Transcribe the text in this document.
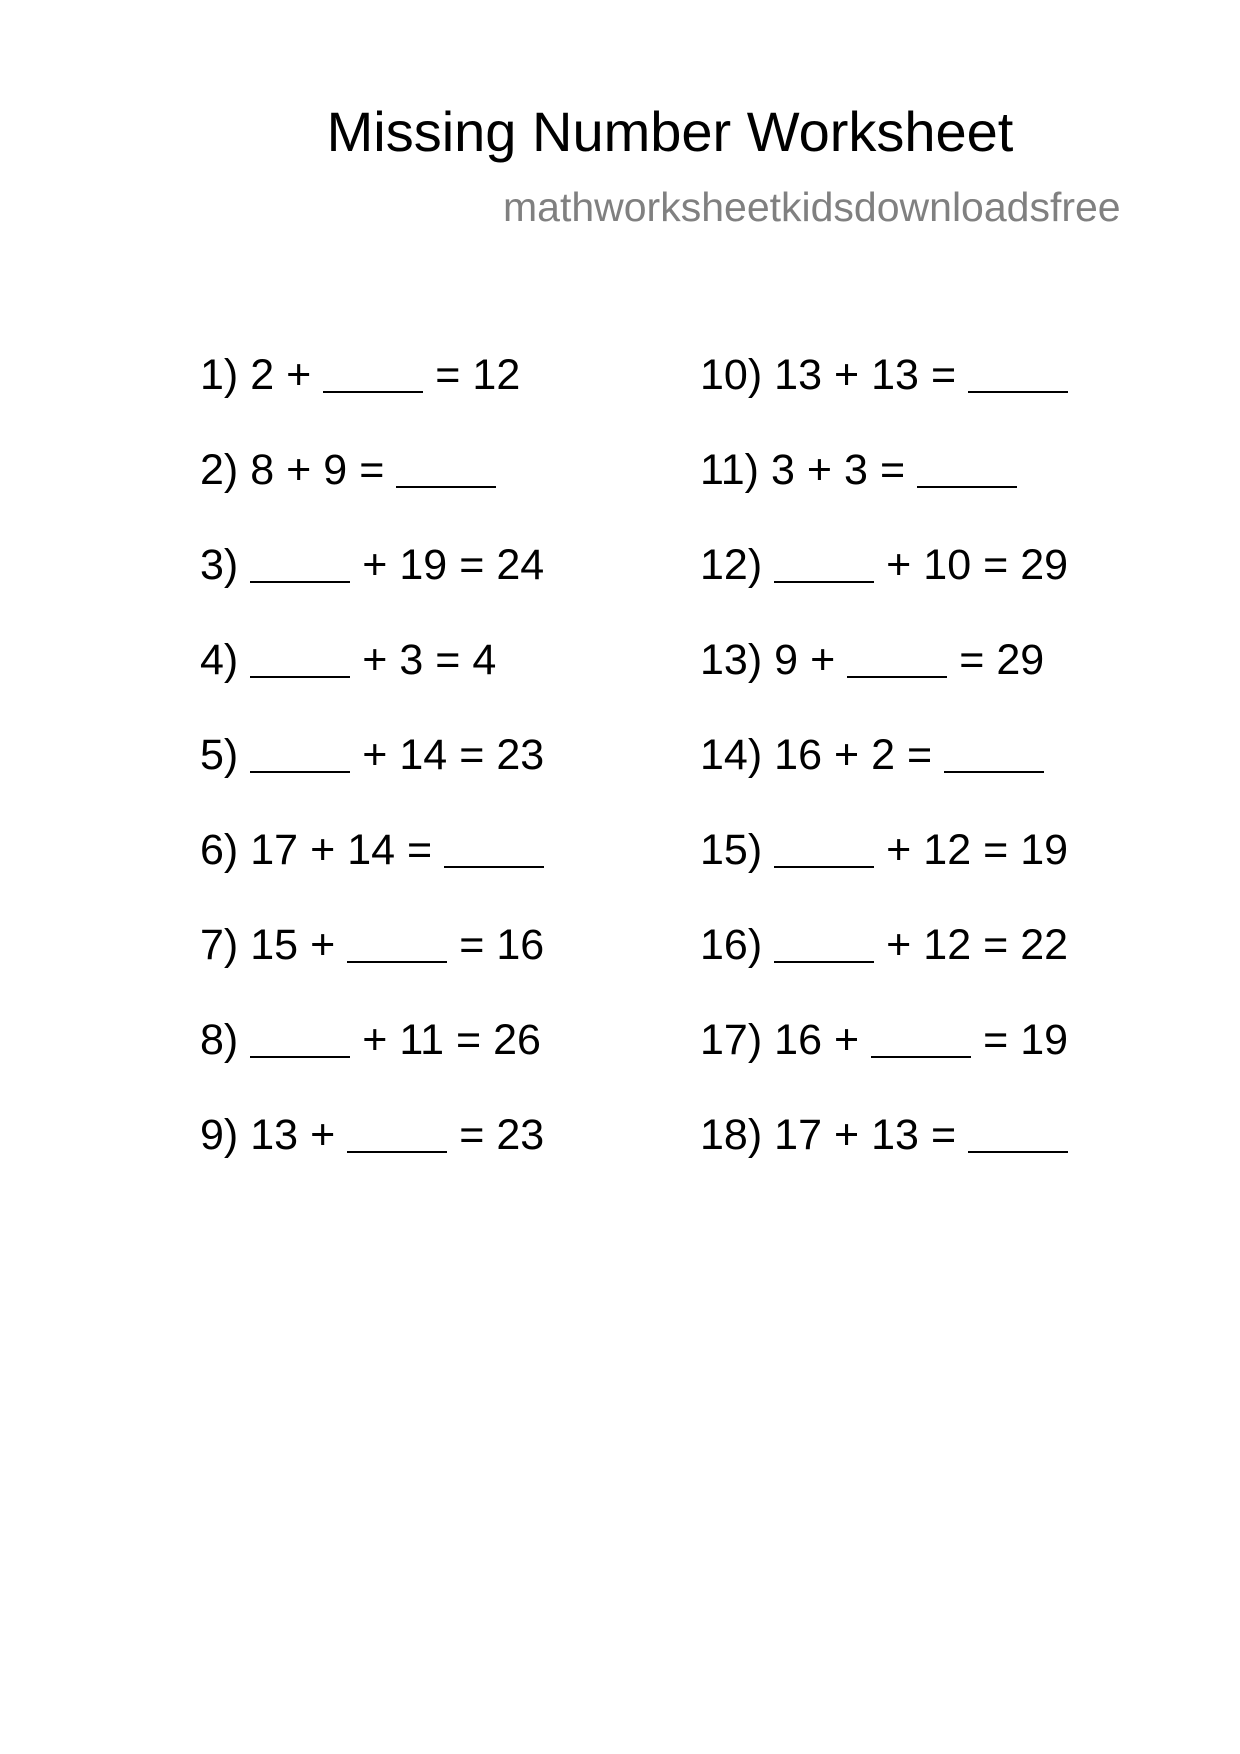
Missing Number Worksheet
mathworksheetkidsdownloadsfree
1) 2 +	= 12
2) 8 + 9 =
3)	+ 19 = 24
4)	+ 3 = 4
5)	+ 14 = 23
6) 17 + 14 =
7) 15 +	= 16
8)	+ 11 = 26
9) 13 +	= 23
10) 13 + 13 =
11) 3 + 3 =
12)	+ 10 = 29
13) 9 +	= 29
14) 16 + 2 =
15)	+ 12 = 19
16)	+ 12 = 22
17) 16 +	= 19
18) 17 + 13 =
